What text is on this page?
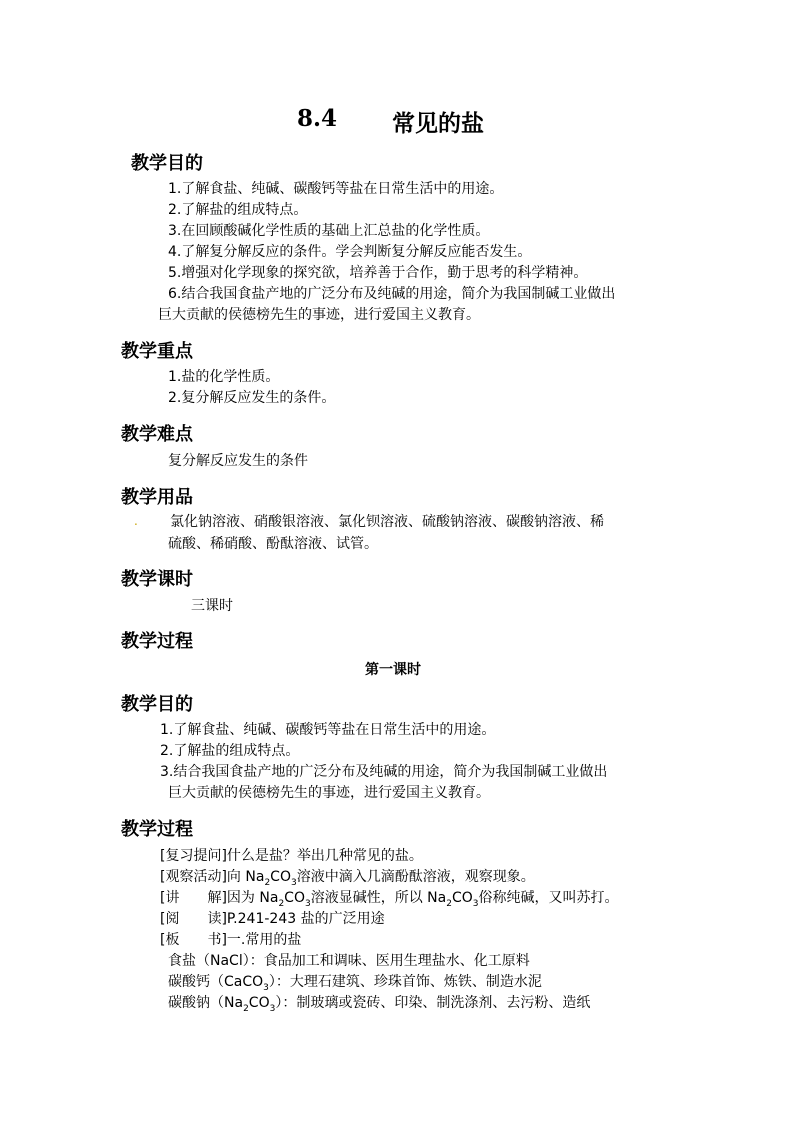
8.4 常见的盐
教学目的
1.了解食盐、纯碱、碳酸钙等盐在日常生活中的用途。
2.了解盐的组成特点。
3.在回顾酸碱化学性质的基础上汇总盐的化学性质。
4.了解复分解反应的条件。学会判断复分解反应能否发生。
5.增强对化学现象的探究欲，培养善于合作，勤于思考的科学精神。
6.结合我国食盐产地的广泛分布及纯碱的用途，简介为我国制碱工业做出
巨大贡献的侯德榜先生的事迹，进行爱国主义教育。
教学重点
1.盐的化学性质。
2.复分解反应发生的条件。
教学难点
复分解反应发生的条件
教学用品
. 氯化钠溶液、硝酸银溶液、氯化钡溶液、硫酸钠溶液、碳酸钠溶液、稀
硫酸、稀硝酸、酚酞溶液、试管。
教学课时
三课时
教学过程
第一课时
教学目的
1.了解食盐、纯碱、碳酸钙等盐在日常生活中的用途。
2.了解盐的组成特点。
3.结合我国食盐产地的广泛分布及纯碱的用途，简介为我国制碱工业做出
巨大贡献的侯德榜先生的事迹，进行爱国主义教育。
教学过程
[复习提问]什么是盐？举出几种常见的盐。
[观察活动]向 $Na_2CO_3$溶液中滴入几滴酚酞溶液，观察现象。
[讲　　解]因为 $Na_2CO_3$溶液显碱性，所以 $Na_2CO_3$俗称纯碱，又叫苏打。
[阅　　读]P.241-243 盐的广泛用途
[板　　书]一.常用的盐
食盐（NaCl）：食品加工和调味、医用生理盐水、化工原料
碳酸钙（CaCO$_3$）：大理石建筑、珍珠首饰、炼铁、制造水泥
碳酸钠$(Na_2CO_3)$：制玻璃或瓷砖、印染、制洗涤剂、去污粉、造纸
